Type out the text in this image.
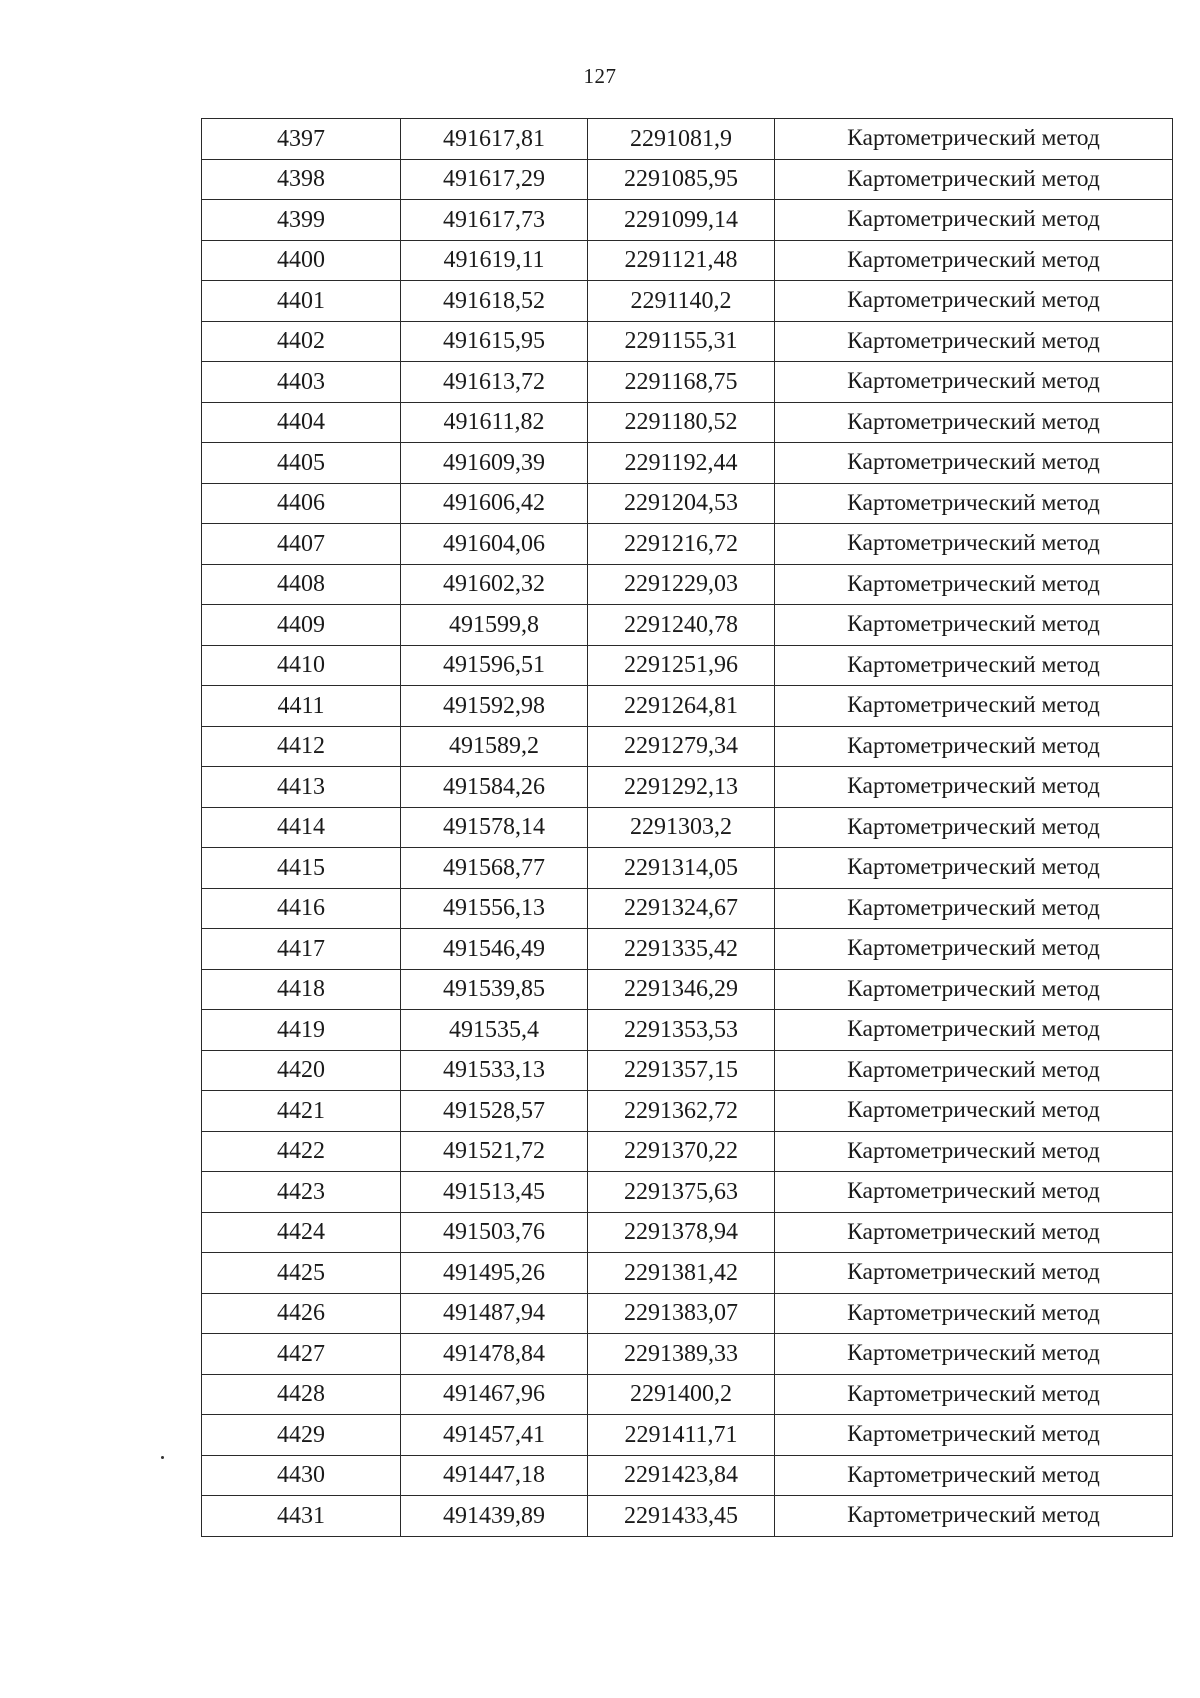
127
4397	491617,81	2291081,9	Картометрический метод
4398	491617,29	2291085,95	Картометрический метод
4399	491617,73	2291099,14	Картометрический метод
4400	491619,11	2291121,48	Картометрический метод
4401	491618,52	2291140,2	Картометрический метод
4402	491615,95	2291155,31	Картометрический метод
4403	491613,72	2291168,75	Картометрический метод
4404	491611,82	2291180,52	Картометрический метод
4405	491609,39	2291192,44	Картометрический метод
4406	491606,42	2291204,53	Картометрический метод
4407	491604,06	2291216,72	Картометрический метод
4408	491602,32	2291229,03	Картометрический метод
4409	491599,8	2291240,78	Картометрический метод
4410	491596,51	2291251,96	Картометрический метод
4411	491592,98	2291264,81	Картометрический метод
4412	491589,2	2291279,34	Картометрический метод
4413	491584,26	2291292,13	Картометрический метод
4414	491578,14	2291303,2	Картометрический метод
4415	491568,77	2291314,05	Картометрический метод
4416	491556,13	2291324,67	Картометрический метод
4417	491546,49	2291335,42	Картометрический метод
4418	491539,85	2291346,29	Картометрический метод
4419	491535,4	2291353,53	Картометрический метод
4420	491533,13	2291357,15	Картометрический метод
4421	491528,57	2291362,72	Картометрический метод
4422	491521,72	2291370,22	Картометрический метод
4423	491513,45	2291375,63	Картометрический метод
4424	491503,76	2291378,94	Картометрический метод
4425	491495,26	2291381,42	Картометрический метод
4426	491487,94	2291383,07	Картометрический метод
4427	491478,84	2291389,33	Картометрический метод
4428	491467,96	2291400,2	Картометрический метод
4429	491457,41	2291411,71	Картометрический метод
4430	491447,18	2291423,84	Картометрический метод
4431	491439,89	2291433,45	Картометрический метод
